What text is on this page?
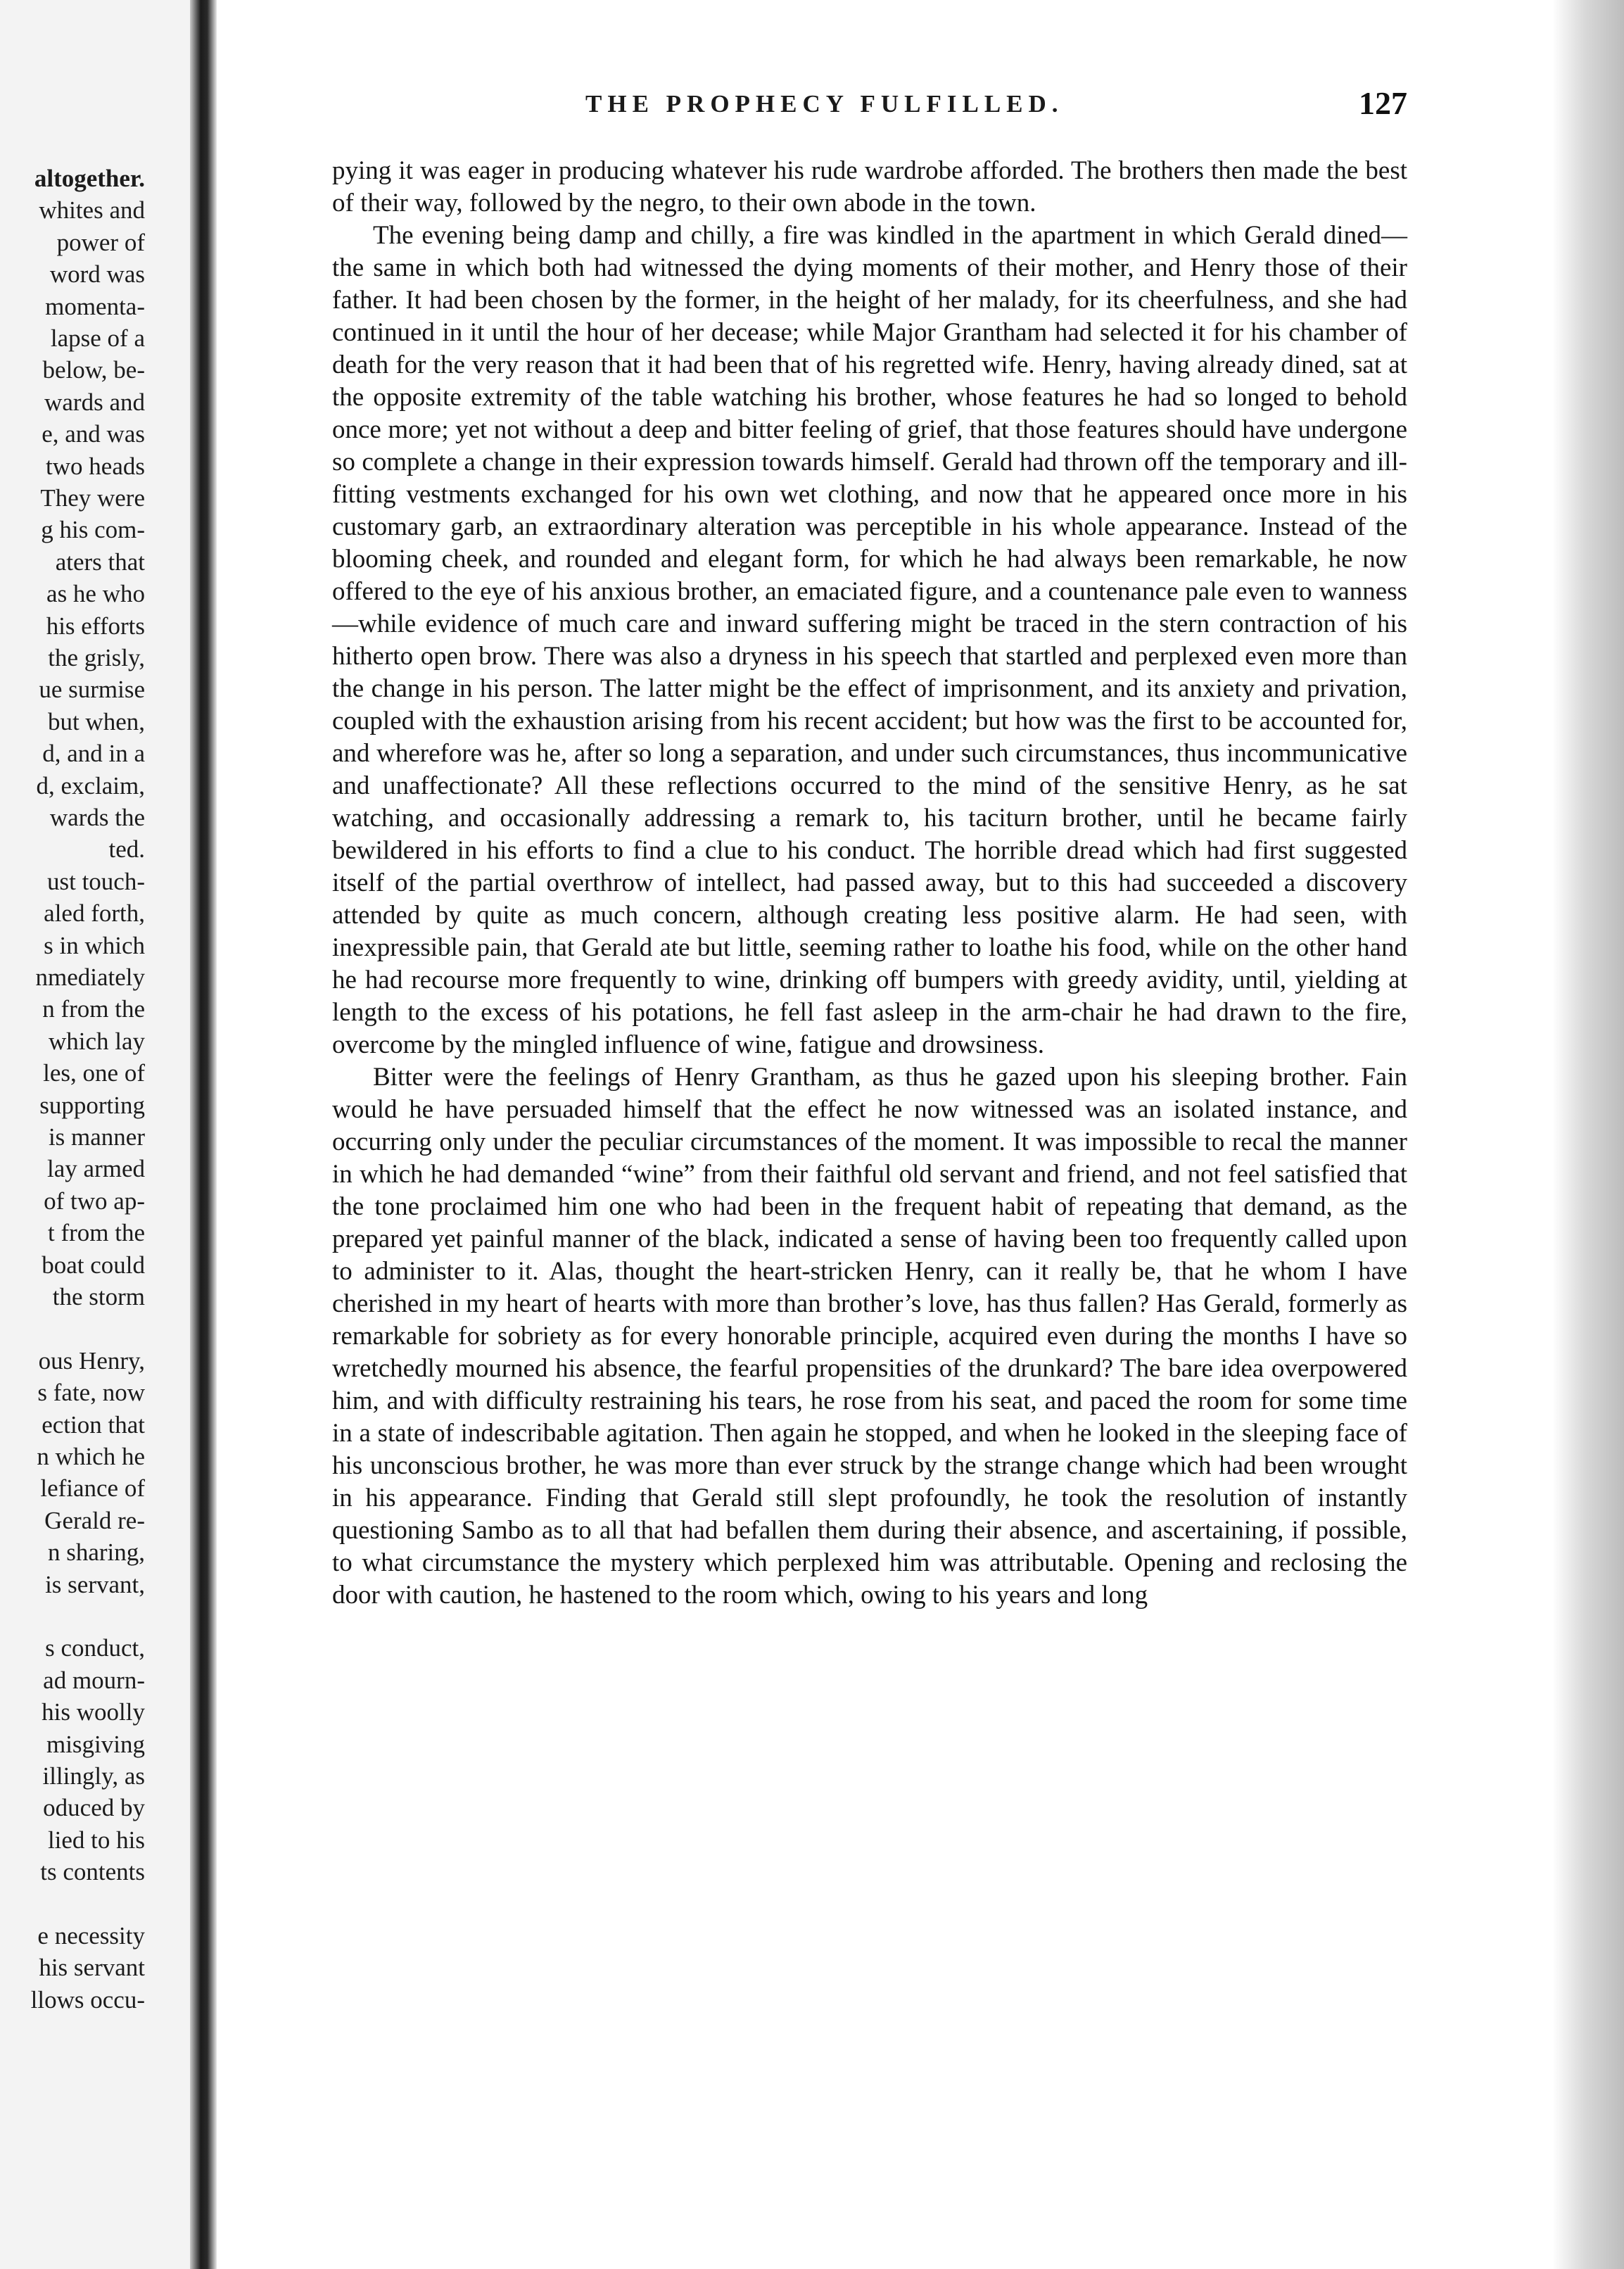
altogether.
whites and
power of
word was
momenta-
lapse of a
below, be-
wards and
e, and was
two heads
They were
g his com-
aters that
as he who
his efforts
the grisly,
ue surmise
but when,
d, and in a
d, exclaim,
wards the
ted.
ust touch-
aled forth,
s in which
nmediately
n from the
which lay
les, one of
supporting
is manner
lay armed
of two ap-
t from the
boat could
the storm
ous Henry,
s fate, now
ection that
n which he
lefiance of
Gerald re-
n sharing,
is servant,
s conduct,
ad mourn-
his woolly
misgiving
illingly, as
oduced by
lied to his
ts contents
e necessity
his servant
llows occu-
THE PROPHECY FULFILLED.	127

pying it was eager in producing whatever his rude wardrobe afforded. The brothers then made the best of their way, followed by the negro, to their own abode in the town.

The evening being damp and chilly, a fire was kindled in the apartment in which Gerald dined—the same in which both had witnessed the dying moments of their mother, and Henry those of their father. It had been chosen by the former, in the height of her malady, for its cheerfulness, and she had continued in it until the hour of her decease; while Major Grantham had selected it for his chamber of death for the very reason that it had been that of his regretted wife. Henry, having already dined, sat at the opposite extremity of the table watching his brother, whose features he had so longed to behold once more; yet not without a deep and bitter feeling of grief, that those features should have undergone so complete a change in their expression towards himself. Gerald had thrown off the temporary and ill-fitting vestments exchanged for his own wet clothing, and now that he appeared once more in his customary garb, an extraordinary alteration was perceptible in his whole appearance. Instead of the blooming cheek, and rounded and elegant form, for which he had always been remarkable, he now offered to the eye of his anxious brother, an emaciated figure, and a countenance pale even to wanness—while evidence of much care and inward suffering might be traced in the stern contraction of his hitherto open brow. There was also a dryness in his speech that startled and perplexed even more than the change in his person. The latter might be the effect of imprisonment, and its anxiety and privation, coupled with the exhaustion arising from his recent accident; but how was the first to be accounted for, and wherefore was he, after so long a separation, and under such circumstances, thus incommunicative and unaffectionate? All these reflections occurred to the mind of the sensitive Henry, as he sat watching, and occasionally addressing a remark to, his taciturn brother, until he became fairly bewildered in his efforts to find a clue to his conduct. The horrible dread which had first suggested itself of the partial overthrow of intellect, had passed away, but to this had succeeded a discovery attended by quite as much concern, although creating less positive alarm. He had seen, with inexpressible pain, that Gerald ate but little, seeming rather to loathe his food, while on the other hand he had recourse more frequently to wine, drinking off bumpers with greedy avidity, until, yielding at length to the excess of his potations, he fell fast asleep in the arm-chair he had drawn to the fire, overcome by the mingled influence of wine, fatigue and drowsiness.

Bitter were the feelings of Henry Grantham, as thus he gazed upon his sleeping brother. Fain would he have persuaded himself that the effect he now witnessed was an isolated instance, and occurring only under the peculiar circumstances of the moment. It was impossible to recal the manner in which he had demanded “wine” from their faithful old servant and friend, and not feel satisfied that the tone proclaimed him one who had been in the frequent habit of repeating that demand, as the prepared yet painful manner of the black, indicated a sense of having been too frequently called upon to administer to it. Alas, thought the heart-stricken Henry, can it really be, that he whom I have cherished in my heart of hearts with more than brother’s love, has thus fallen? Has Gerald, formerly as remarkable for sobriety as for every honorable principle, acquired even during the months I have so wretchedly mourned his absence, the fearful propensities of the drunkard? The bare idea overpowered him, and with difficulty restraining his tears, he rose from his seat, and paced the room for some time in a state of indescribable agitation. Then again he stopped, and when he looked in the sleeping face of his unconscious brother, he was more than ever struck by the strange change which had been wrought in his appearance. Finding that Gerald still slept profoundly, he took the resolution of instantly questioning Sambo as to all that had befallen them during their absence, and ascertaining, if possible, to what circumstance the mystery which perplexed him was attributable. Opening and reclosing the door with caution, he hastened to the room which, owing to his years and long
